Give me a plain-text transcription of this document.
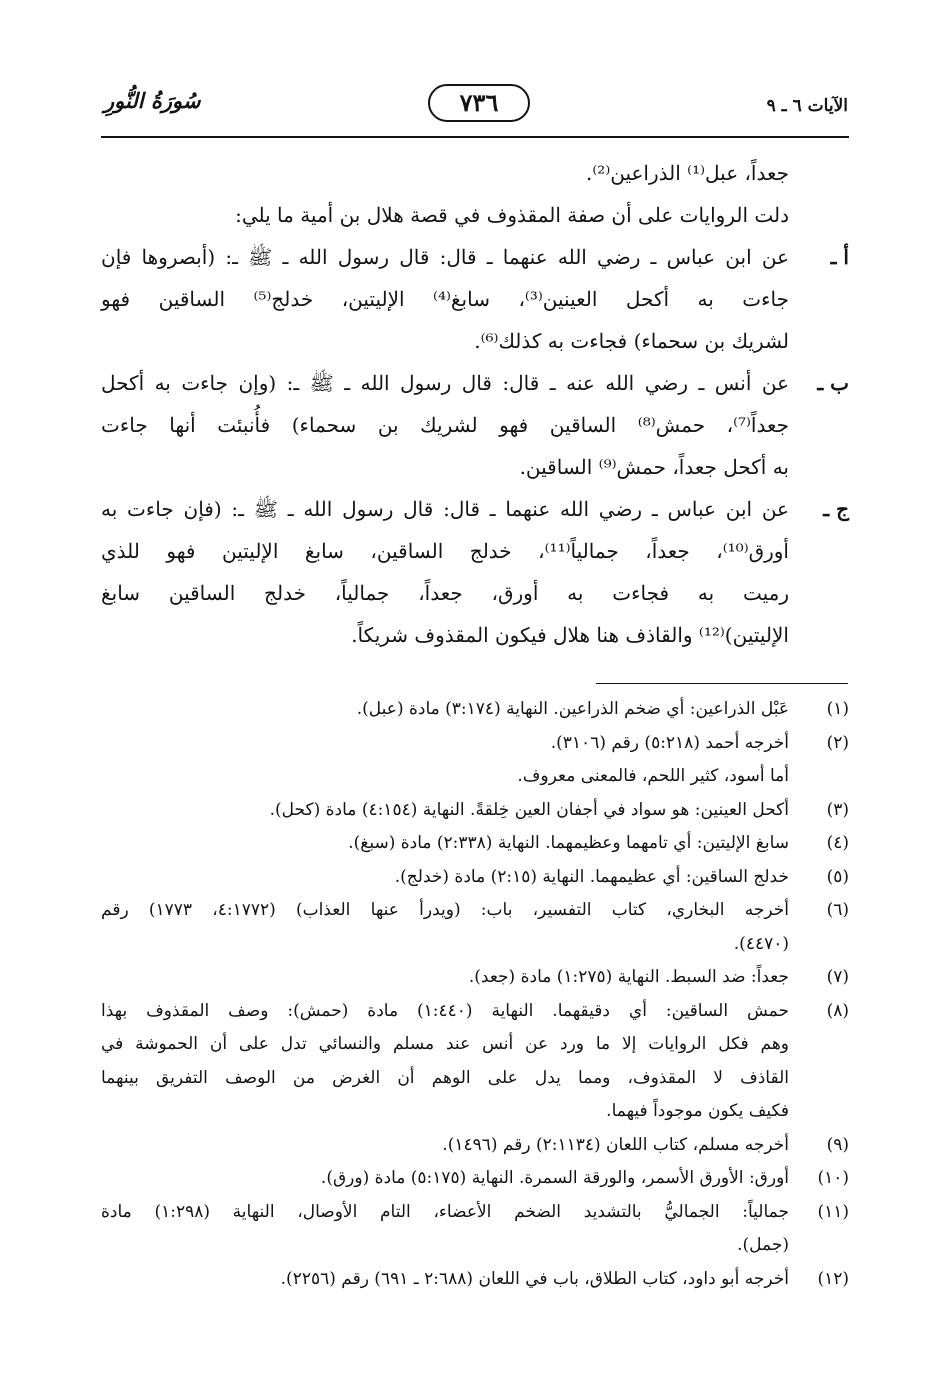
سُورَةُ النُّورِ	٧٣٦	الآيات ٦ ـ ٩
جعداً، عبل⁽¹⁾ الذراعين⁽²⁾.
دلت الروايات على أن صفة المقذوف في قصة هلال بن أمية ما يلي:
أ ـ
عن ابن عباس ـ رضي الله عنهما ـ قال: قال رسول الله ـ ﷺ ـ: (أبصروها فإن
جاءت به أكحل العينين⁽³⁾، سابغ⁽⁴⁾ الإليتين، خدلج⁽⁵⁾ الساقين فهو
لشريك بن سحماء) فجاءت به كذلك⁽⁶⁾.
ب ـ
عن أنس ـ رضي الله عنه ـ قال: قال رسول الله ـ ﷺ ـ: (وإن جاءت به أكحل
جعداً⁽⁷⁾، حمش⁽⁸⁾ الساقين فهو لشريك بن سحماء) فأُنبئت أنها جاءت
به أكحل جعداً، حمش⁽⁹⁾ الساقين.
ج ـ
عن ابن عباس ـ رضي الله عنهما ـ قال: قال رسول الله ـ ﷺ ـ: (فإن جاءت به
أورق⁽¹⁰⁾، جعداً، جمالياً⁽¹¹⁾، خدلج الساقين، سابغ الإليتين فهو للذي
رميت به فجاءت به أورق، جعداً، جمالياً، خدلج الساقين سابغ
الإليتين)⁽¹²⁾ والقاذف هنا هلال فيكون المقذوف شريكاً.
(١)
عَبْل الذراعين: أي ضخم الذراعين. النهاية (٣:١٧٤) مادة (عبل).
(٢)
أخرجه أحمد (٥:٢١٨) رقم (٣١٠٦).
أما أسود، كثير اللحم، فالمعنى معروف.
(٣)
أكحل العينين: هو سواد في أجفان العين خِلقةً. النهاية (٤:١٥٤) مادة (كحل).
(٤)
سابغ الإليتين: أي تامهما وعظيمهما. النهاية (٢:٣٣٨) مادة (سبغ).
(٥)
خدلج الساقين: أي عظيمهما. النهاية (٢:١٥) مادة (خدلج).
(٦)
أخرجه البخاري، كتاب التفسير، باب: (ويدرأ عنها العذاب) (٤:١٧٧٢، ١٧٧٣) رقم
(٤٤٧٠).
(٧)
جعداً: ضد السبط. النهاية (١:٢٧٥) مادة (جعد).
(٨)
حمش الساقين: أي دقيقهما. النهاية (١:٤٤٠) مادة (حمش): وصف المقذوف بهذا
وهم فكل الروايات إلا ما ورد عن أنس عند مسلم والنسائي تدل على أن الحموشة في
القاذف لا المقذوف، ومما يدل على الوهم أن الغرض من الوصف التفريق بينهما
فكيف يكون موجوداً فيهما.
(٩)
أخرجه مسلم، كتاب اللعان (٢:١١٣٤) رقم (١٤٩٦).
(١٠)
أورق: الأورق الأسمر، والورقة السمرة. النهاية (٥:١٧٥) مادة (ورق).
(١١)
جمالياً: الجماليُّ بالتشديد الضخم الأعضاء، التام الأوصال، النهاية (١:٢٩٨) مادة
(جمل).
(١٢)
أخرجه أبو داود، كتاب الطلاق، باب في اللعان (٢:٦٨٨ ـ ٦٩١) رقم (٢٢٥٦).
